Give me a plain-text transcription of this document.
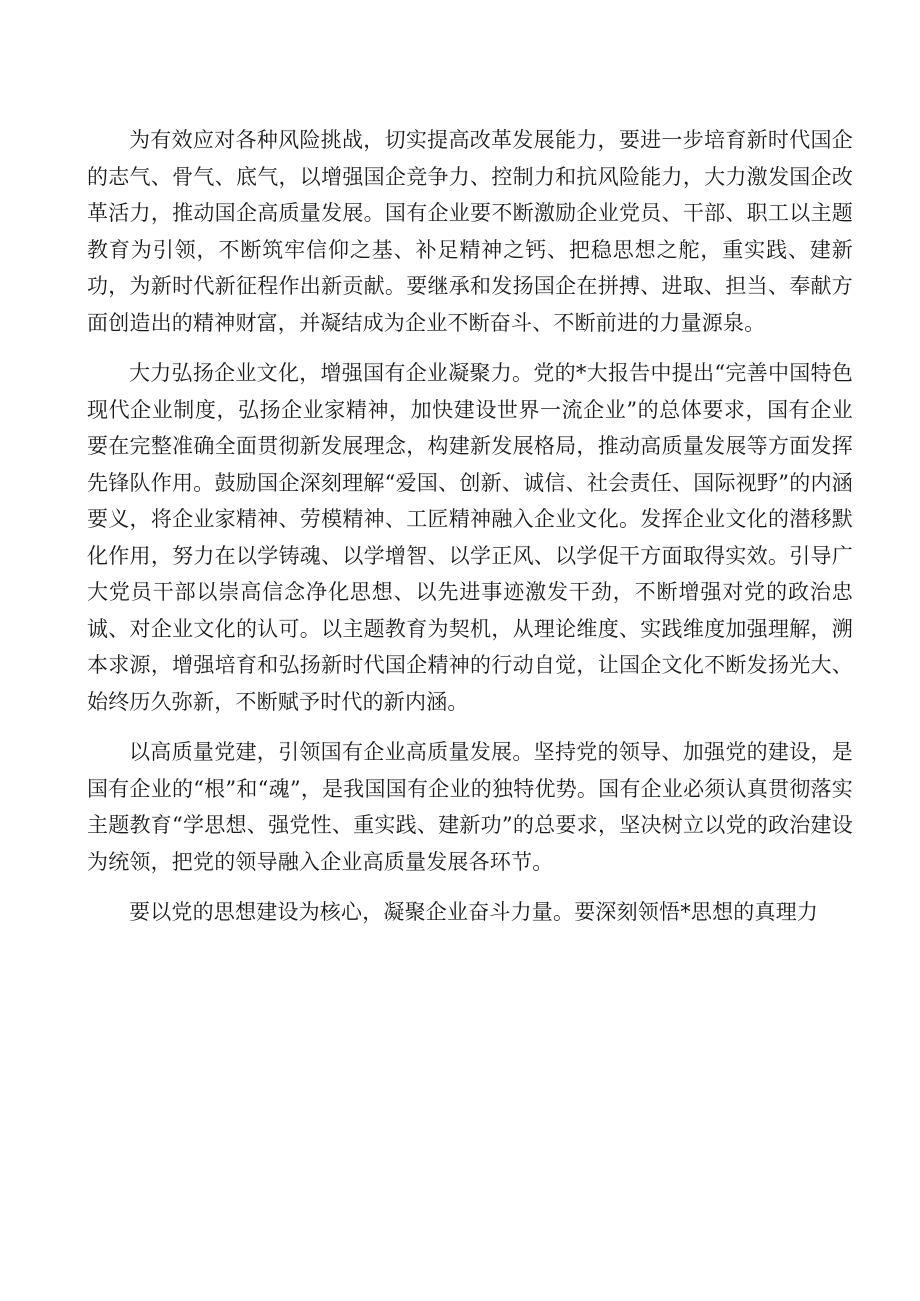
为有效应对各种风险挑战，切实提高改革发展能力，要进一步培育新时代国企的志气、骨气、底气，以增强国企竞争力、控制力和抗风险能力，大力激发国企改革活力，推动国企高质量发展。国有企业要不断激励企业党员、干部、职工以主题教育为引领，不断筑牢信仰之基、补足精神之钙、把稳思想之舵，重实践、建新功，为新时代新征程作出新贡献。要继承和发扬国企在拼搏、进取、担当、奉献方面创造出的精神财富，并凝结成为企业不断奋斗、不断前进的力量源泉。

大力弘扬企业文化，增强国有企业凝聚力。党的*大报告中提出“完善中国特色现代企业制度，弘扬企业家精神，加快建设世界一流企业”的总体要求，国有企业要在完整准确全面贯彻新发展理念，构建新发展格局，推动高质量发展等方面发挥先锋队作用。鼓励国企深刻理解“爱国、创新、诚信、社会责任、国际视野”的内涵要义，将企业家精神、劳模精神、工匠精神融入企业文化。发挥企业文化的潜移默化作用，努力在以学铸魂、以学增智、以学正风、以学促干方面取得实效。引导广大党员干部以崇高信念净化思想、以先进事迹激发干劲，不断增强对党的政治忠诚、对企业文化的认可。以主题教育为契机，从理论维度、实践维度加强理解，溯本求源，增强培育和弘扬新时代国企精神的行动自觉，让国企文化不断发扬光大、始终历久弥新，不断赋予时代的新内涵。

以高质量党建，引领国有企业高质量发展。坚持党的领导、加强党的建设，是国有企业的“根”和“魂”，是我国国有企业的独特优势。国有企业必须认真贯彻落实主题教育“学思想、强党性、重实践、建新功”的总要求，坚决树立以党的政治建设为统领，把党的领导融入企业高质量发展各环节。

要以党的思想建设为核心，凝聚企业奋斗力量。要深刻领悟*思想的真理力
